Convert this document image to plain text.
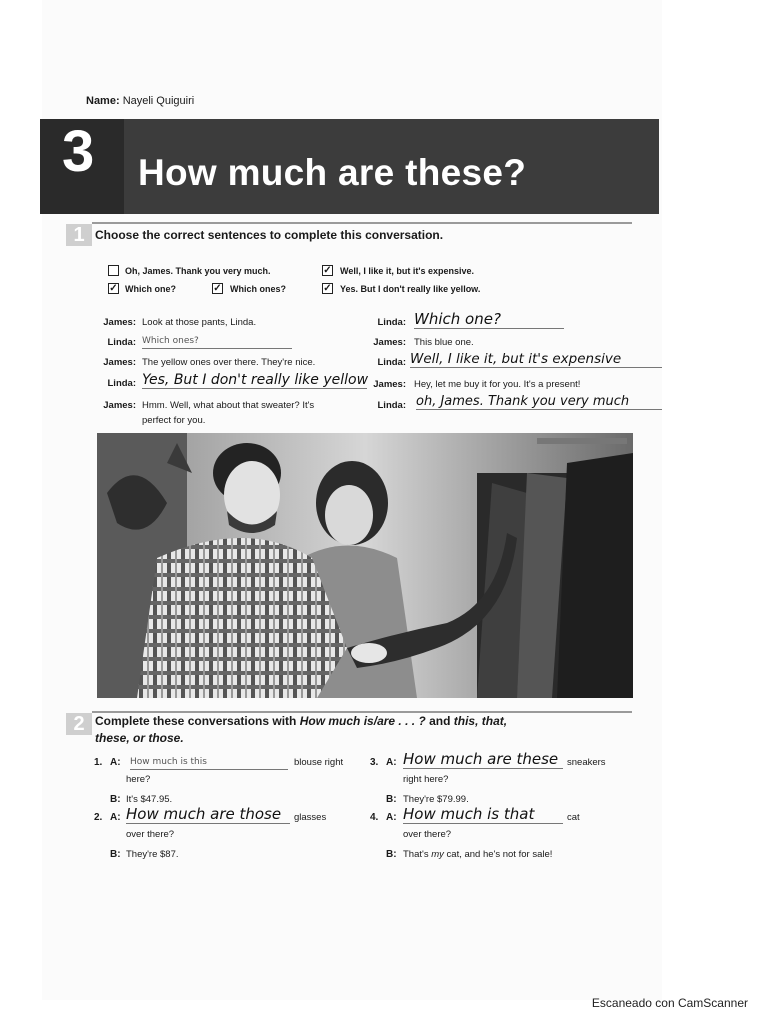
Name: Nayeli Quiguiri
3 How much are these?
1 Choose the correct sentences to complete this conversation.
Oh, James. Thank you very much.	✓ Well, I like it, but it's expensive.
✓ Which one?	✓ Which ones?	✓ Yes. But I don't really like yellow.
James: Look at those pants, Linda.
Linda: Which ones?
James: The yellow ones over there. They're nice.
Linda: Yes, But I don't really like yellow
James: Hmm. Well, what about that sweater? It's
perfect for you.
Linda: Which one?
James: This blue one.
Linda: Well, I like it, but it's expensive
James: Hey, let me buy it for you. It's a present!
Linda: oh, James. Thank you very much
2 Complete these conversations with How much is/are . . . ? and this, that,
these, or those.
1. A: How much is this	blouse right
here?
B: It's $47.95.
2. A: How much are those	glasses
over there?
B: They're $87.
3. A: How much are these sneakers
right here?
B: They're $79.99.
4. A: How much is that	cat
over there?
B: That's my cat, and he's not for sale!
Escaneado con CamScanner
